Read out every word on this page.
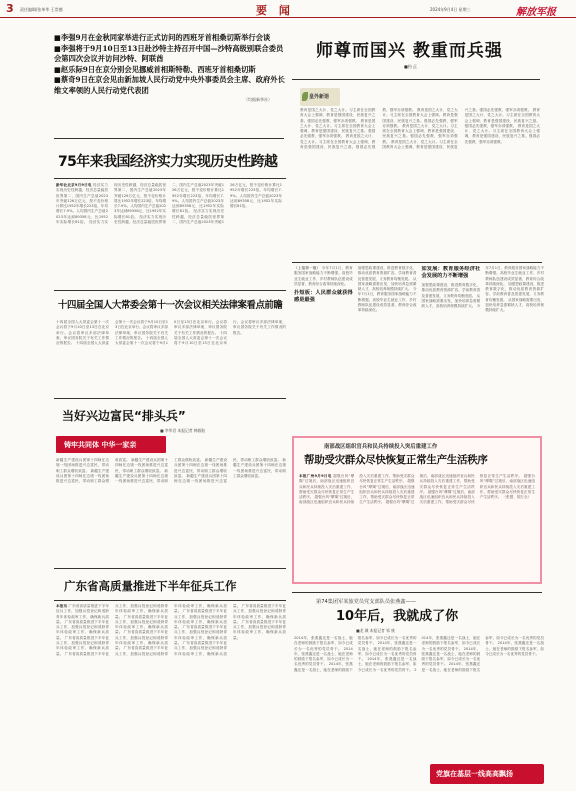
3 责任编辑/张革华 王崇德	要 闻	2024年9月4日 星期三	解放军报
■李强9月在金秋同家举进行正式访问的西班牙首相桑切斯举行会谈
■李强将于9月10日至13日赴沙特主持召开中国—沙特高级别联合委员会第四次会议并访问沙特、阿联酋
■赵乐际9日在京分别会见挪威首相斯特勒、西班牙首相桑切斯
■蔡奇9日在京会见由新加坡人民行动党中央外事委员会主席、政府外长维文率领的人民行动党代表团
（均据新华社）
75年来我国经济实力实现历史性跨越
新华社北京9月9日电 经济实力实现历史性跨越，经济总量稳居世界第二，国内生产总值2023年突破126万亿元，按不变价格计算比1952年增长223倍，年均增长7.9%。人均国内生产总值2023年达到89358元，比1952年实际增长81倍。 经济实力实现历史性跨越，经济总量稳居世界第二，国内生产总值2023年突破126万亿元，按不变价格计算比1952年增长223倍，年均增长7.9%。人均国内生产总值2023年达到89358元，比1952年实际增长81倍。 经济实力实现历史性跨越，经济总量稳居世界第二，国内生产总值2023年突破126万亿元，按不变价格计算比1952年增长223倍，年均增长7.9%。人均国内生产总值2023年达到89358元，比1952年实际增长81倍。 经济实力实现历史性跨越，经济总量稳居世界第二，国内生产总值2023年突破126万亿元，按不变价格计算比1952年增长223倍，年均增长7.9%。人均国内生产总值2023年达到89358元，比1952年实际增长81倍。
师尊而国兴 教重而兵强
■钧 正
皇外新语
教育是国之大计、党之大计。习主席在全国教育大会上强调，教育是强国建设、民族复兴之基。强国必先强教，强军亦须强教。 教育是国之大计、党之大计。习主席在全国教育大会上强调，教育是强国建设、民族复兴之基。强国必先强教，强军亦须强教。 教育是国之大计、党之大计。习主席在全国教育大会上强调，教育是强国建设、民族复兴之基。强国必先强教，强军亦须强教。 教育是国之大计、党之大计。习主席在全国教育大会上强调，教育是强国建设、民族复兴之基。强国必先强教，强军亦须强教。 教育是国之大计、党之大计。习主席在全国教育大会上强调，教育是强国建设、民族复兴之基。强国必先强教，强军亦须强教。 教育是国之大计、党之大计。习主席在全国教育大会上强调，教育是强国建设、民族复兴之基。强国必先强教，强军亦须强教。 教育是国之大计、党之大计。习主席在全国教育大会上强调，教育是强国建设、民族复兴之基。强国必先强教，强军亦须强教。 教育是国之大计、党之大计。习主席在全国教育大会上强调，教育是强国建设、民族复兴之基。强国必先强教，强军亦须强教。
（上接第一版） 今年7月1日，教育服务国家战略能力不断增强。高校毕业生就业工作、乡村教师队伍建设成效显著，教育综合改革持续深化。
扑短板：人民群众就获得感是最强
加强思政课建设，推进教育数字化，推动优质教育资源扩容，学前教育普及普惠发展，义务教育均衡发展。 从国家战略需要出发，加快培养急需紧缺人才，高校培养规模持续扩大。 今年7月1日，教育服务国家战略能力不断增强。高校毕业生就业工作、乡村教师队伍建设成效显著，教育综合改革持续深化。
如发展：教育服务经济社会发展的力不断增强
加强思政课建设，推进教育数字化，推动优质教育资源扩容，学前教育普及普惠发展，义务教育均衡发展。 从国家战略需要出发，加快培养急需紧缺人才，高校培养规模持续扩大。 今年7月1日，教育服务国家战略能力不断增强。高校毕业生就业工作、乡村教师队伍建设成效显著，教育综合改革持续深化。 加强思政课建设，推进教育数字化，推动优质教育资源扩容，学前教育普及普惠发展，义务教育均衡发展。 从国家战略需要出发，加快培养急需紧缺人才，高校培养规模持续扩大。
十四届全国人大常委会第十一次会议相关法律案看点前瞻
十四届全国人大常委会第十一次会议将于9月10日至13日在北京举行。会议将审议多部法律草案，审议国务院关于有关工作情况的报告。 十四届全国人大常委会第十一次会议将于9月10日至13日在北京举行。会议将审议多部法律草案，审议国务院关于有关工作情况的报告。 十四届全国人大常委会第十一次会议将于9月10日至13日在北京举行。会议将审议多部法律草案，审议国务院关于有关工作情况的报告。 十四届全国人大常委会第十一次会议将于9月10日至13日在北京举行。会议将审议多部法律草案，审议国务院关于有关工作情况的报告。
当好兴边富民“排头兵”
■ 李华君 本报记者 韩毅航
铸牢共同体 中华一家亲
新疆生产建设兵团第十四师在边境一线团场推进兴边富民，带动职工群众增收致富。 新疆生产建设兵团第十四师在边境一线团场推进兴边富民，带动职工群众增收致富。 新疆生产建设兵团第十四师在边境一线团场推进兴边富民，带动职工群众增收致富。 新疆生产建设兵团第十四师在边境一线团场推进兴边富民，带动职工群众增收致富。 新疆生产建设兵团第十四师在边境一线团场推进兴边富民，带动职工群众增收致富。 新疆生产建设兵团第十四师在边境一线团场推进兴边富民，带动职工群众增收致富。 新疆生产建设兵团第十四师在边境一线团场推进兴边富民，带动职工群众增收致富。
南部战区组织官兵和民兵持续投入突后重建工作
帮助受灾群众尽快恢复正常生产生活秩序
本报广州9月9日电 超强台风“摩羯”过境后，南部战区迅速组织官兵和民兵持续投入灾后重建工作，帮助受灾群众尽快恢复正常生产生活秩序。 超强台风“摩羯”过境后，南部战区迅速组织官兵和民兵持续投入灾后重建工作，帮助受灾群众尽快恢复正常生产生活秩序。 超强台风“摩羯”过境后，南部战区迅速组织官兵和民兵持续投入灾后重建工作，帮助受灾群众尽快恢复正常生产生活秩序。 超强台风“摩羯”过境后，南部战区迅速组织官兵和民兵持续投入灾后重建工作，帮助受灾群众尽快恢复正常生产生活秩序。 超强台风“摩羯”过境后，南部战区迅速组织官兵和民兵持续投入灾后重建工作，帮助受灾群众尽快恢复正常生产生活秩序。 超强台风“摩羯”过境后，南部战区迅速组织官兵和民兵持续投入灾后重建工作，帮助受灾群众尽快恢复正常生产生活秩序。 （张慧、胡万全）
广东省高质量推进下半年征兵工作
本报讯 广东省高质量推进下半年征兵工作，加强兵役登记和适龄青年体检政审工作，确保新兵质量。 广东省高质量推进下半年征兵工作，加强兵役登记和适龄青年体检政审工作，确保新兵质量。 广东省高质量推进下半年征兵工作，加强兵役登记和适龄青年体检政审工作，确保新兵质量。 广东省高质量推进下半年征兵工作，加强兵役登记和适龄青年体检政审工作，确保新兵质量。 广东省高质量推进下半年征兵工作，加强兵役登记和适龄青年体检政审工作，确保新兵质量。 广东省高质量推进下半年征兵工作，加强兵役登记和适龄青年体检政审工作，确保新兵质量。 广东省高质量推进下半年征兵工作，加强兵役登记和适龄青年体检政审工作，确保新兵质量。 广东省高质量推进下半年征兵工作，加强兵役登记和适龄青年体检政审工作，确保新兵质量。 广东省高质量推进下半年征兵工作，加强兵役登记和适龄青年体检政审工作，确保新兵质量。 广东省高质量推进下半年征兵工作，加强兵役登记和适龄青年体检政审工作，确保新兵质量。 广东省高质量推进下半年征兵工作，加强兵役登记和适龄青年体检政审工作，确保新兵质量。 广东省高质量推进下半年征兵工作，加强兵役登记和适龄青年体检政审工作，确保新兵质量。
第74集团军某旅党员党支部队员张燕鑫——
10年后，我就成了你
■龙 城 本报记者 邹 康
2014年，张燕鑫还是一名战士，她在老师的鼓励下报名参军，如今已成长为一名优秀的党员骨干。 2014年，张燕鑫还是一名战士，她在老师的鼓励下报名参军，如今已成长为一名优秀的党员骨干。 2014年，张燕鑫还是一名战士，她在老师的鼓励下报名参军，如今已成长为一名优秀的党员骨干。 2014年，张燕鑫还是一名战士，她在老师的鼓励下报名参军，如今已成长为一名优秀的党员骨干。 2014年，张燕鑫还是一名战士，她在老师的鼓励下报名参军，如今已成长为一名优秀的党员骨干。 2014年，张燕鑫还是一名战士，她在老师的鼓励下报名参军，如今已成长为一名优秀的党员骨干。 2014年，张燕鑫还是一名战士，她在老师的鼓励下报名参军，如今已成长为一名优秀的党员骨干。 2014年，张燕鑫还是一名战士，她在老师的鼓励下报名参军，如今已成长为一名优秀的党员骨干。 2014年，张燕鑫还是一名战士，她在老师的鼓励下报名参军，如今已成长为一名优秀的党员骨干。
党旗在基层一线高高飘扬
